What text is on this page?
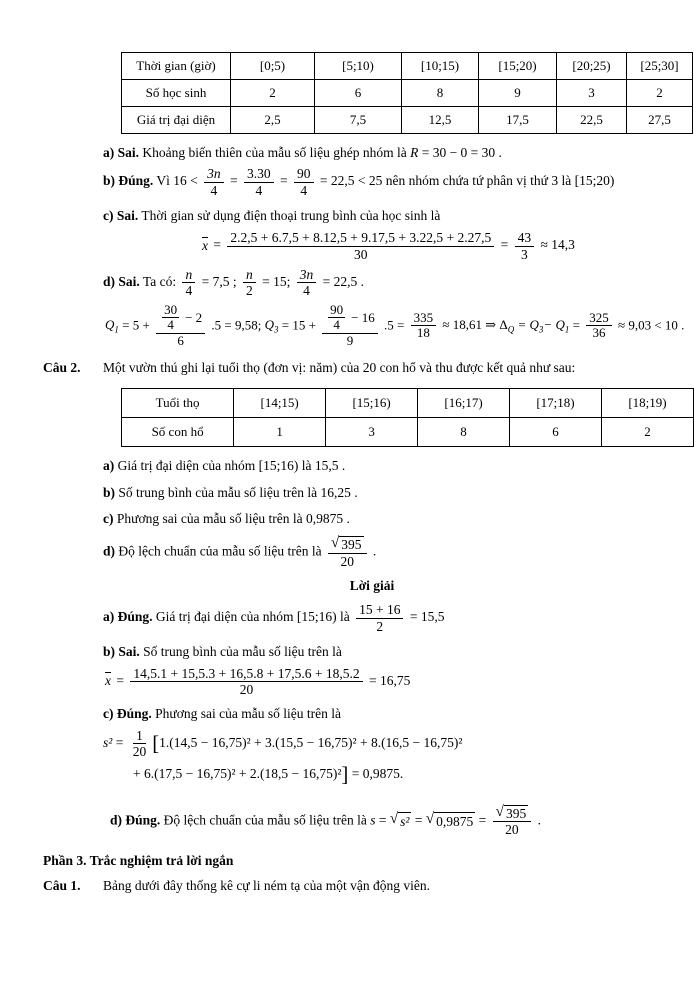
Thời gian (giờ)	[0;5)	[5;10)	[10;15)	[15;20)	[20;25)	[25;30]
Số học sinh	2	6	8	9	3	2
Giá trị đại diện	2,5	7,5	12,5	17,5	22,5	27,5
a) Sai. Khoảng biến thiên của mẫu số liệu ghép nhóm là R = 30 − 0 = 30 .
b) Đúng. Vì $16 < \frac{3n}{4} = \frac{3.30}{4} = \frac{90}{4} = 22,5 < 25$ nên nhóm chứa tứ phân vị thứ 3 là [15;20)
c) Sai. Thời gian sử dụng điện thoại trung bình của học sinh là
$\overline{x} = \frac{2.2,5 + 6.7,5 + 8.12,5 + 9.17,5 + 3.22,5 + 2.27,5}{30} = \frac{43}{3} \approx 14,3$
d) Sai. Ta có: $\frac{n}{4} = 7,5$ ; $\frac{n}{2} = 15$; $\frac{3n}{4} = 22,5$ .
$Q_1 = 5 + \frac{\frac{30}{4} - 2}{6} .5 = 9,58$; $Q_3 = 15 + \frac{\frac{90}{4} - 16}{9} .5 = \frac{335}{18} \approx 18,61$ ⇒ $\Delta_Q = Q_3- Q_1 = \frac{325}{36} \approx 9,03 < 10$ .
Câu 2. Một vườn thú ghi lại tuổi thọ (đơn vị: năm) của 20 con hổ và thu được kết quả như sau:
Tuổi thọ	[14;15)	[15;16)	[16;17)	[17;18)	[18;19)
Số con hổ	1	3	8	6	2
a) Giá trị đại diện của nhóm [15;16) là 15,5 .
b) Số trung bình của mẫu số liệu trên là 16,25 .
c) Phương sai của mẫu số liệu trên là 0,9875 .
d) Độ lệch chuẩn của mẫu số liệu trên là $\frac{√ 395}{20}$ .
Lời giải
a) Đúng. Giá trị đại diện của nhóm [15;16) là $\frac{15 + 16}{2} = 15,5$
b) Sai. Số trung bình của mẫu số liệu trên là
$\overline{x} = \frac{14,5.1 + 15,5.3 + 16,5.8 + 17,5.6 + 18,5.2}{20} = 16,75$
c) Đúng. Phương sai của mẫu số liệu trên là
$s^2 = \frac{1}{20} [1.(14,5 - 16,75)^2 + 3.(15,5 - 16,75)^2 + 8.(16,5 - 16,75)^2$
+ 6.(17,5 − 16,75)² + 2.(18,5 − 16,75)²] = 0,9875.
d) Đúng. Độ lệch chuẩn của mẫu số liệu trên là s = √ s² = √ $0,9875 = \frac{√ 395}{20}$ .
Phần 3. Trắc nghiệm trả lời ngắn
Câu 1. Bảng dưới đây thống kê cự li ném tạ của một vận động viên.
